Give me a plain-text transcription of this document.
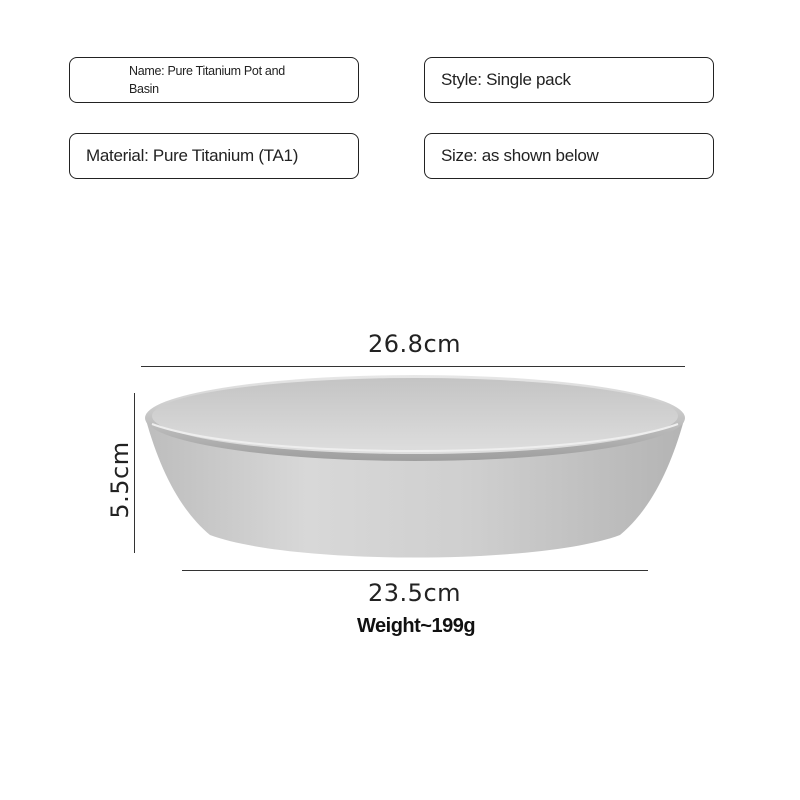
Name: Pure Titanium Pot and Basin	Style: Single pack
Material: Pure Titanium (TA1)	Size: as shown below
26.8cm
5.5cm
23.5cm
Weight~199g
